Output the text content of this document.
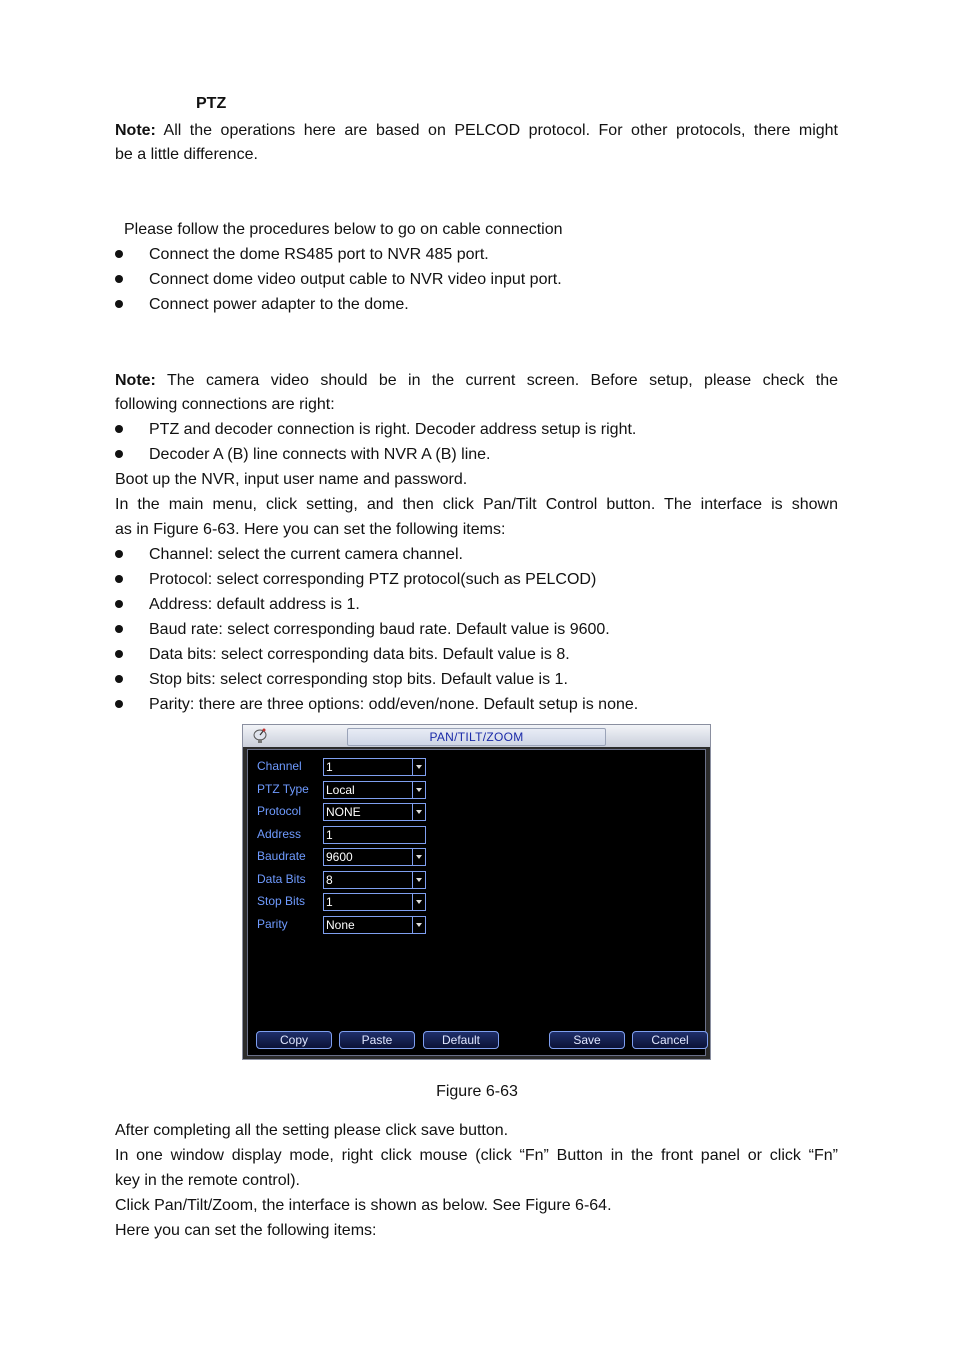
PTZ
Note: All the operations here are based on PELCOD protocol. For other protocols, there might
be a little difference.
Please follow the procedures below to go on cable connection
Connect the dome RS485 port to NVR 485 port.
Connect dome video output cable to NVR video input port.
Connect power adapter to the dome.
Note: The camera video should be in the current screen. Before setup, please check the
following connections are right:
PTZ and decoder connection is right. Decoder address setup is right.
Decoder A (B) line connects with NVR A (B) line.
Boot up the NVR, input user name and password.
In the main menu, click setting, and then click Pan/Tilt Control button. The interface is shown
as in Figure 6-63. Here you can set the following items:
Channel: select the current camera channel.
Protocol: select corresponding PTZ protocol(such as PELCOD)
Address: default address is 1.
Baud rate: select corresponding baud rate. Default value is 9600.
Data bits: select corresponding data bits. Default value is 8.
Stop bits: select corresponding stop bits. Default value is 1.
Parity: there are three options: odd/even/none. Default setup is none.
PAN/TILT/ZOOM
Channel 1
PTZ Type Local
Protocol NONE
Address 1
Baudrate 9600
Data Bits 8
Stop Bits 1
Parity	None
Copy	Paste	Default	Save	Cancel
Figure 6-63
After completing all the setting please click save button.
In one window display mode, right click mouse (click “Fn” Button in the front panel or click “Fn”
key in the remote control).
Click Pan/Tilt/Zoom, the interface is shown as below. See Figure 6-64.
Here you can set the following items:
